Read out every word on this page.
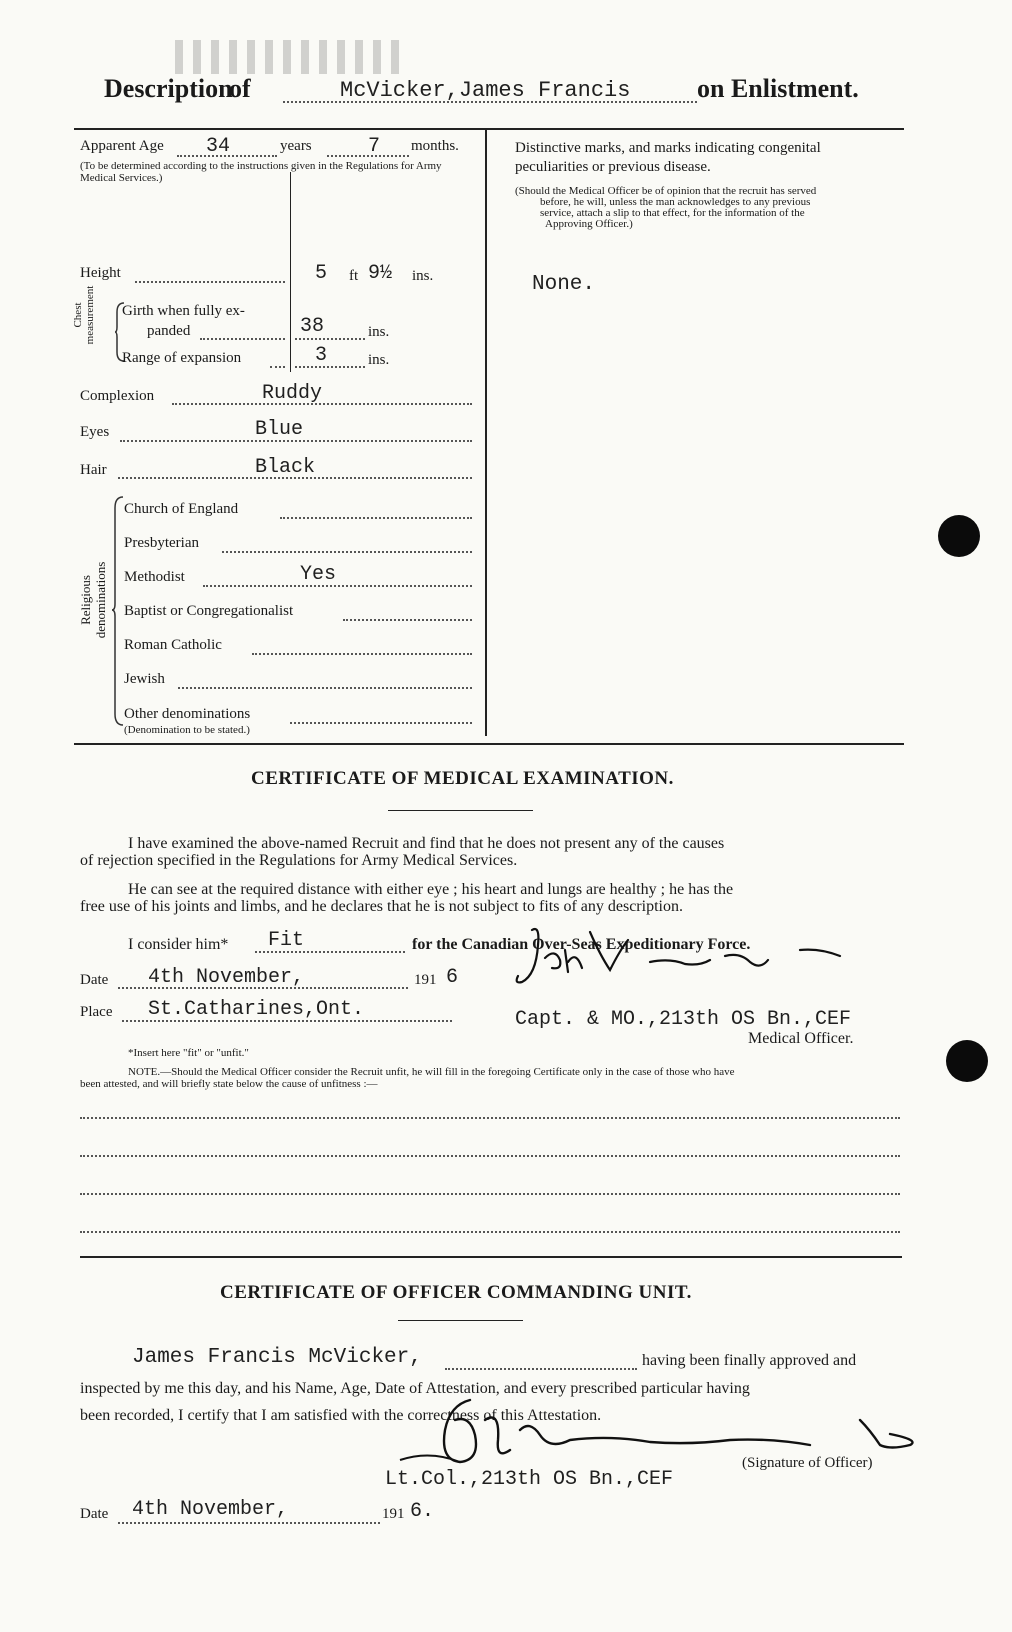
Description
of	McVicker,James Francis	on Enlistment.
Apparent Age 34	years	7 months.
(To be determined according to the instructions given in the Regulations for Army Medical Services.)
Height	5 ft 9½ ins.
Chest measurement Girth when fully ex-
panded	38	ins.
Range of expansion	3	ins.
Complexion	Ruddy
Eyes	Blue
Hair	Black
Religious denominations
Church of England
Presbyterian
Methodist	Yes
Baptist or Congregationalist
Roman Catholic
Jewish
Other denominations
(Denomination to be stated.)
Distinctive marks, and marks indicating congenital
peculiarities or previous disease.
(Should the Medical Officer be of opinion that the recruit has served
before, he will, unless the man acknowledges to any previous
service, attach a slip to that effect, for the information of the
Approving Officer.)
None.
CERTIFICATE OF MEDICAL EXAMINATION.
I have examined the above-named Recruit and find that he does not present any of the causes
of rejection specified in the Regulations for Army Medical Services.
He can see at the required distance with either eye ; his heart and lungs are healthy ; he has the
free use of his joints and limbs, and he declares that he is not subject to fits of any description.
I consider him* Fit	for the Canadian Over-Seas Expeditionary Force.
Date 4th November,	191 6
Place St.Catharines,Ont.	Capt. & MO.,213th OS Bn.,CEF
Medical Officer.
*Insert here "fit" or "unfit."
NOTE.—Should the Medical Officer consider the Recruit unfit, he will fill in the foregoing Certificate only in the case of those who have
been attested, and will briefly state below the cause of unfitness :—
CERTIFICATE OF OFFICER COMMANDING UNIT.
James Francis McVicker,	having been finally approved and
inspected by me this day, and his Name, Age, Date of Attestation, and every prescribed particular having
been recorded, I certify that I am satisfied with the correctness of this Attestation.
(Signature of Officer)
Lt.Col.,213th OS Bn.,CEF
Date 4th November,	191 6.
